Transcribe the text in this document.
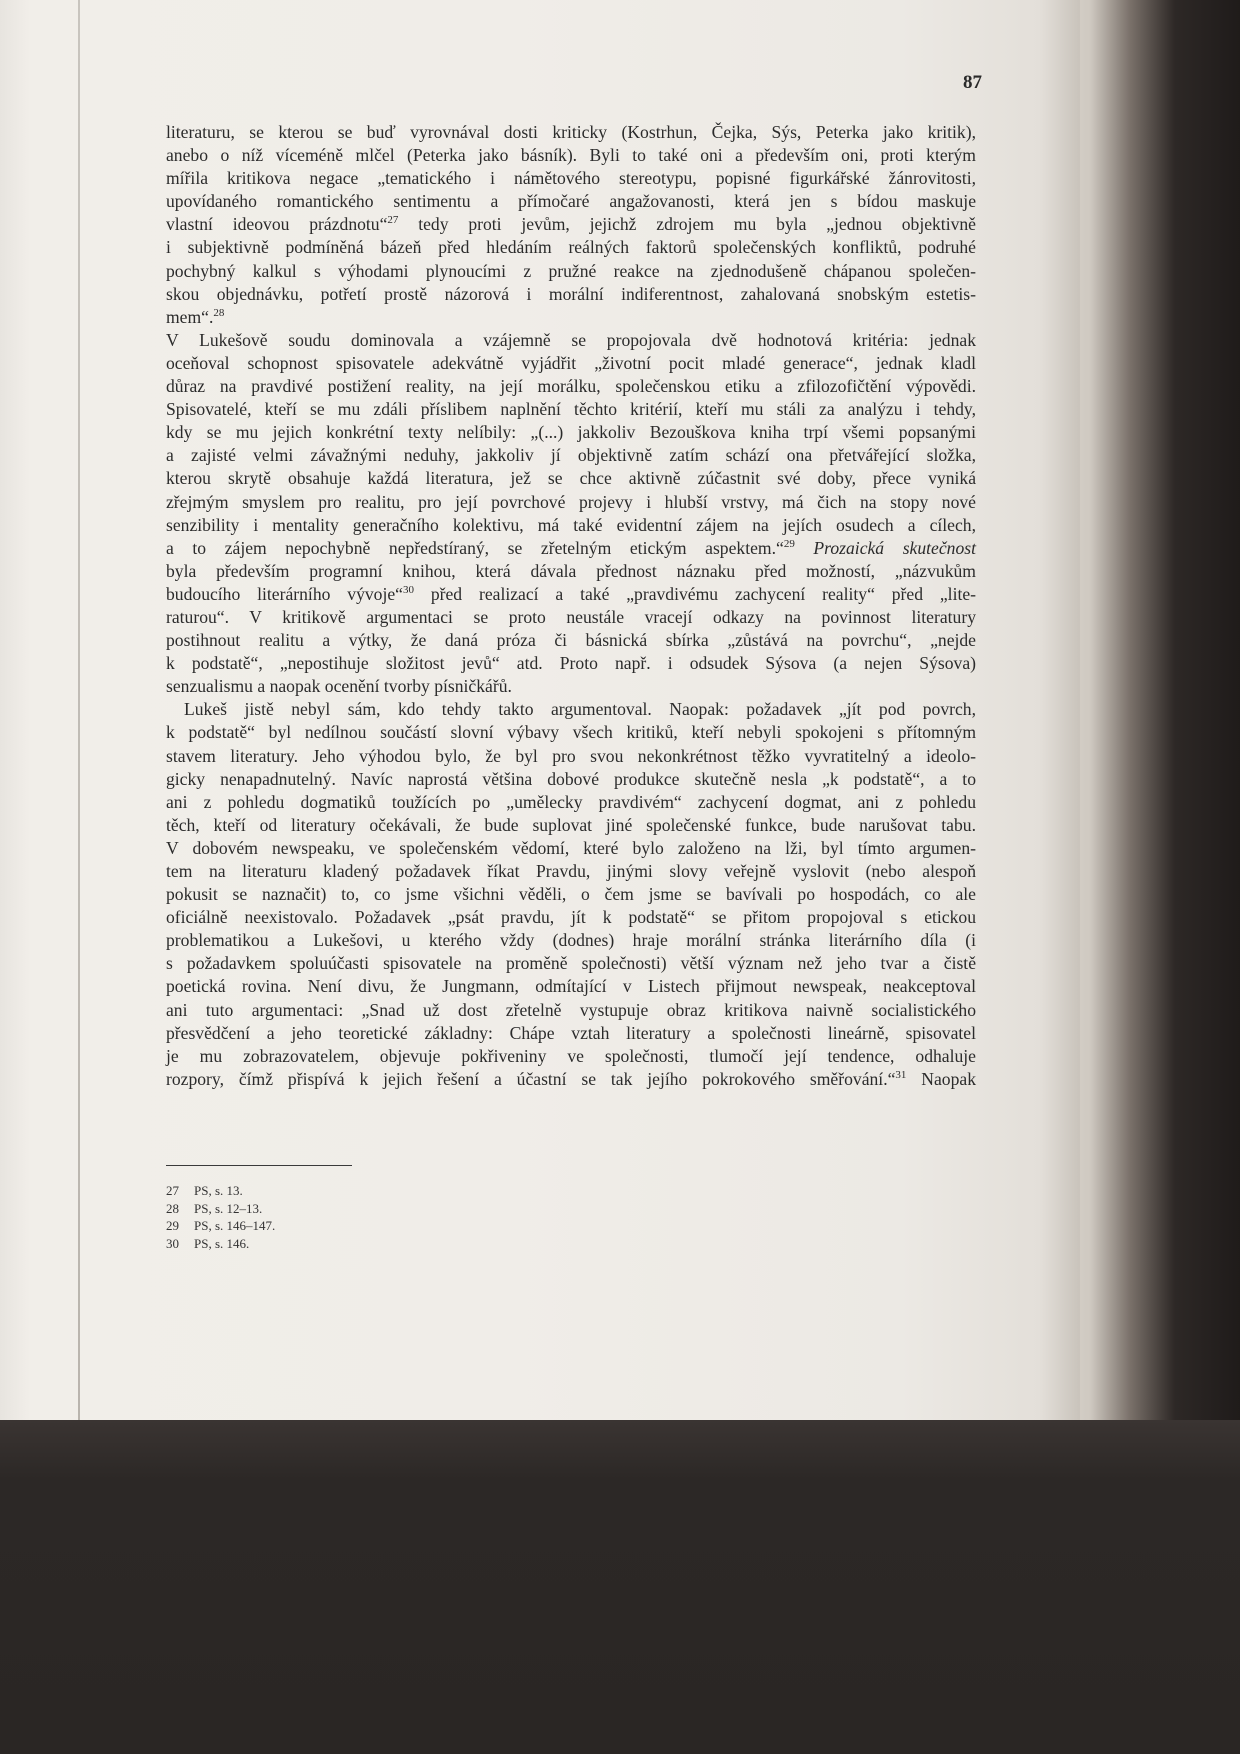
87
literaturu, se kterou se buď vyrovnával dosti kriticky (Kostrhun, Čejka, Sýs, Peterka jako kritik),
anebo o níž víceméně mlčel (Peterka jako básník). Byli to také oni a především oni, proti kterým
mířila kritikova negace „tematického i námětového stereotypu, popisné figurkářské žánrovitosti,
upovídaného romantického sentimentu a přímočaré angažovanosti, která jen s bídou maskuje
vlastní ideovou prázdnotu“$^{27}$ tedy proti jevům, jejichž zdrojem mu byla „jednou objektivně
i subjektivně podmíněná bázeň před hledáním reálných faktorů společenských konfliktů, podruhé
pochybný kalkul s výhodami plynoucími z pružné reakce na zjednodušeně chápanou společen-
skou objednávku, potřetí prostě názorová i morální indiferentnost, zahalovaná snobským estetis-
mem“.$^{28}$
V Lukešově soudu dominovala a vzájemně se propojovala dvě hodnotová kritéria: jednak
oceňoval schopnost spisovatele adekvátně vyjádřit „životní pocit mladé generace“, jednak kladl
důraz na pravdivé postižení reality, na její morálku, společenskou etiku a zfilozofičtění výpovědi.
Spisovatelé, kteří se mu zdáli příslibem naplnění těchto kritérií, kteří mu stáli za analýzu i tehdy,
kdy se mu jejich konkrétní texty nelíbily: „(...) jakkoliv Bezouškova kniha trpí všemi popsanými
a zajisté velmi závažnými neduhy, jakkoliv jí objektivně zatím schází ona přetvářející složka,
kterou skrytě obsahuje každá literatura, jež se chce aktivně zúčastnit své doby, přece vyniká
zřejmým smyslem pro realitu, pro její povrchové projevy i hlubší vrstvy, má čich na stopy nové
senzibility i mentality generačního kolektivu, má také evidentní zájem na jejích osudech a cílech,
a to zájem nepochybně nepředstíraný, se zřetelným etickým aspektem.“$^{29}$ Prozaická skutečnost
byla především programní knihou, která dávala přednost náznaku před možností, „názvukům
budoucího literárního vývoje“$^{30}$ před realizací a také „pravdivému zachycení reality“ před „lite-
raturou“. V kritikově argumentaci se proto neustále vracejí odkazy na povinnost literatury
postihnout realitu a výtky, že daná próza či básnická sbírka „zůstává na povrchu“, „nejde
k podstatě“, „nepostihuje složitost jevů“ atd. Proto např. i odsudek Sýsova (a nejen Sýsova)
senzualismu a naopak ocenění tvorby písničkářů.
Lukeš jistě nebyl sám, kdo tehdy takto argumentoval. Naopak: požadavek „jít pod povrch,
k podstatě“ byl nedílnou součástí slovní výbavy všech kritiků, kteří nebyli spokojeni s přítomným
stavem literatury. Jeho výhodou bylo, že byl pro svou nekonkrétnost těžko vyvratitelný a ideolo-
gicky nenapadnutelný. Navíc naprostá většina dobové produkce skutečně nesla „k podstatě“, a to
ani z pohledu dogmatiků toužících po „umělecky pravdivém“ zachycení dogmat, ani z pohledu
těch, kteří od literatury očekávali, že bude suplovat jiné společenské funkce, bude narušovat tabu.
V dobovém newspeaku, ve společenském vědomí, které bylo založeno na lži, byl tímto argumen-
tem na literaturu kladený požadavek říkat Pravdu, jinými slovy veřejně vyslovit (nebo alespoň
pokusit se naznačit) to, co jsme všichni věděli, o čem jsme se bavívali po hospodách, co ale
oficiálně neexistovalo. Požadavek „psát pravdu, jít k podstatě“ se přitom propojoval s etickou
problematikou a Lukešovi, u kterého vždy (dodnes) hraje morální stránka literárního díla (i
s požadavkem spoluúčasti spisovatele na proměně společnosti) větší význam než jeho tvar a čistě
poetická rovina. Není divu, že Jungmann, odmítající v Listech přijmout newspeak, neakceptoval
ani tuto argumentaci: „Snad už dost zřetelně vystupuje obraz kritikova naivně socialistického
přesvědčení a jeho teoretické základny: Chápe vztah literatury a společnosti lineárně, spisovatel
je mu zobrazovatelem, objevuje pokřiveniny ve společnosti, tlumočí její tendence, odhaluje
rozpory, čímž přispívá k jejich řešení a účastní se tak jejího pokrokového směřování.“$^{31}$ Naopak
27 PS, s. 13.
28 PS, s. 12–13.
29 PS, s. 146–147.
30 PS, s. 146.
